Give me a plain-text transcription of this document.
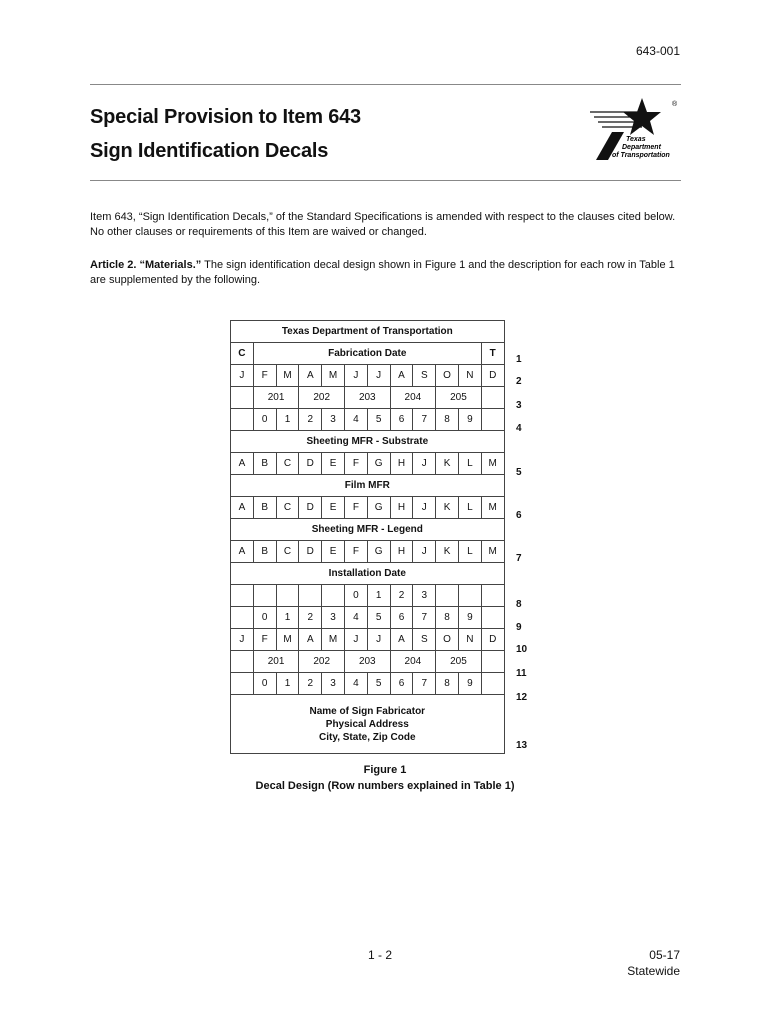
643-001
Special Provision to Item 643
Sign Identification Decals
®
Texas
Department
of Transportation
Item 643, “Sign Identification Decals,” of the Standard Specifications is amended with respect to the clauses cited below. No other clauses or requirements of this Item are waived or changed.
Article 2. “Materials.” The sign identification decal design shown in Figure 1 and the description for each row in Table 1 are supplemented by the following.
Texas Department of Transportation											
C	Fabrication Date										T
J	F	M	A	M	J	J	A	S	O	N	D
	201		202		203		204		205		
	0	1	2	3	4	5	6	7	8	9	
Sheeting MFR - Substrate											
A	B	C	D	E	F	G	H	J	K	L	M
Film MFR											
A	B	C	D	E	F	G	H	J	K	L	M
Sheeting MFR - Legend											
A	B	C	D	E	F	G	H	J	K	L	M
Installation Date											
					0	1	2	3			
	0	1	2	3	4	5	6	7	8	9	
J	F	M	A	M	J	J	A	S	O	N	D
	201		202		203		204		205		
	0	1	2	3	4	5	6	7	8	9	

Name of Sign Fabricator
Physical Address
City, State, Zip Code											
1
2
3
4
5
6
7
8
9
10
11
12
13
Figure 1
Decal Design (Row numbers explained in Table 1)
1 - 2	05-17
Statewide
